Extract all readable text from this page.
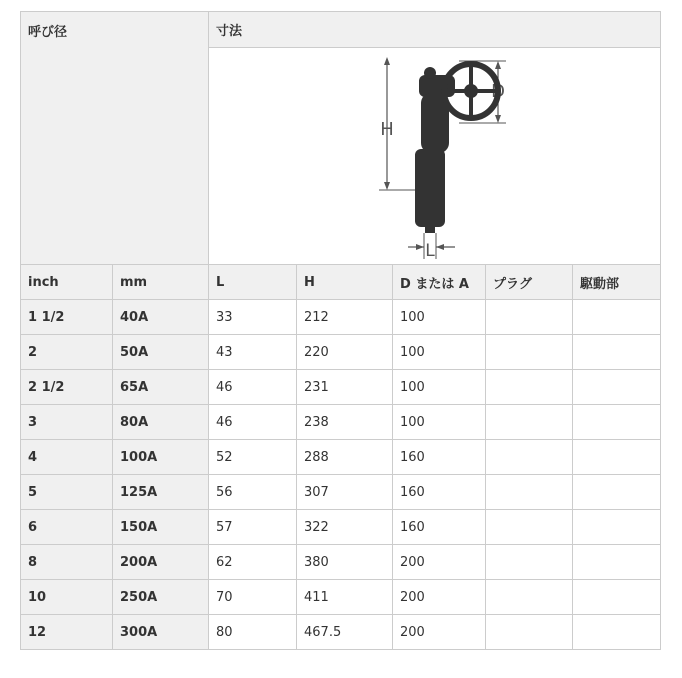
呼び径		寸法				

H
D
L				

inch	mm	L	H	D または A	プラグ	駆動部
1 1/2	40A	33	212	100		
2	50A	43	220	100		
2 1/2	65A	46	231	100		
3	80A	46	238	100		
4	100A	52	288	160		
5	125A	56	307	160		
6	150A	57	322	160		
8	200A	62	380	200		
10	250A	70	411	200		
12	300A	80	467.5	200		
